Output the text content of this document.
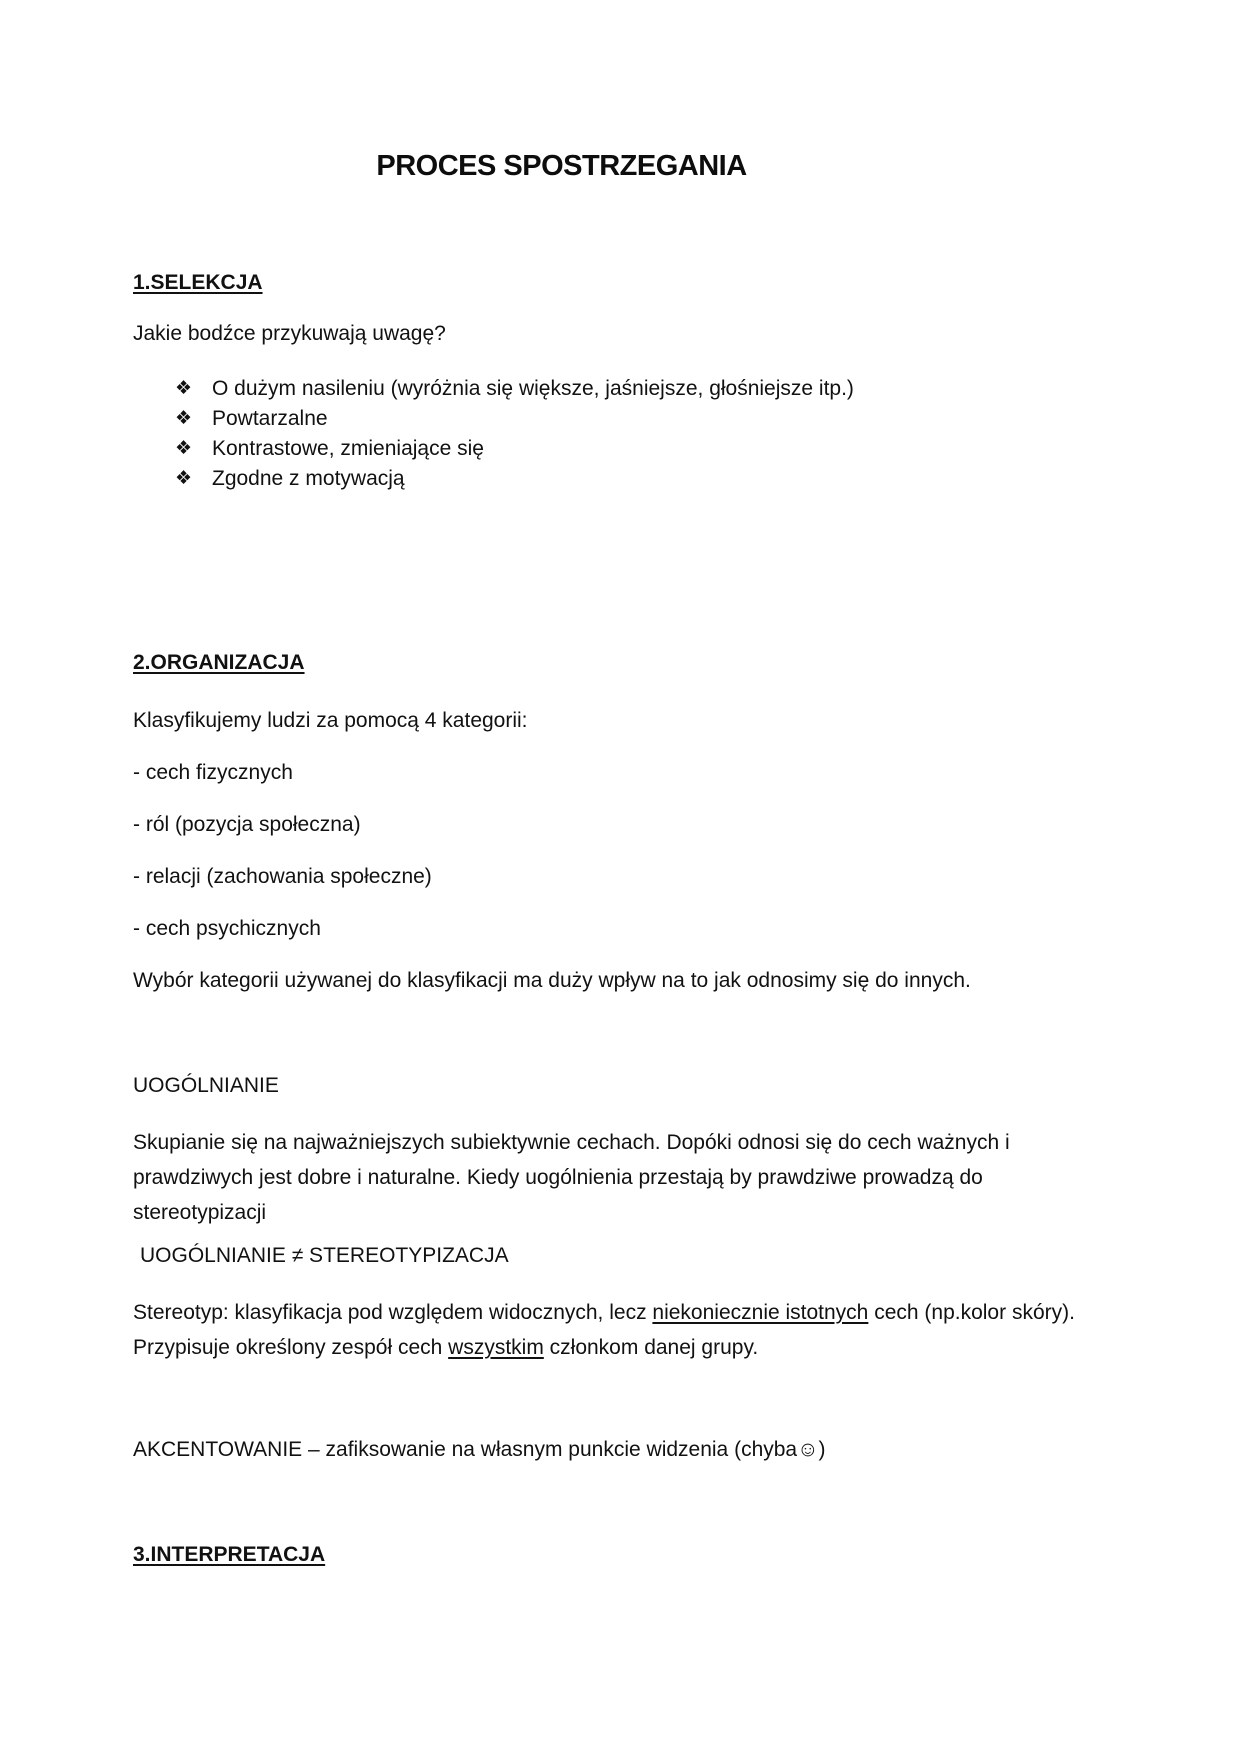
PROCES SPOSTRZEGANIA
1.SELEKCJA

Jakie bodźce przykuwają uwagę?

❖ O dużym nasileniu (wyróżnia się większe, jaśniejsze, głośniejsze itp.)
❖ Powtarzalne
❖ Kontrastowe, zmieniające się
❖ Zgodne z motywacją
2.ORGANIZACJA

Klasyfikujemy ludzi za pomocą 4 kategorii:

- cech fizycznych

- ról (pozycja społeczna)

- relacji (zachowania społeczne)

- cech psychicznych

Wybór kategorii używanej do klasyfikacji ma duży wpływ na to jak odnosimy się do innych.

UOGÓLNIANIE

Skupianie się na najważniejszych subiektywnie cechach. Dopóki odnosi się do cech ważnych i prawdziwych jest dobre i naturalne. Kiedy uogólnienia przestają by prawdziwe prowadzą do stereotypizacji

UOGÓLNIANIE ≠ STEREOTYPIZACJA

Stereotyp: klasyfikacja pod względem widocznych, lecz niekoniecznie istotnych cech (np.kolor skóry). Przypisuje określony zespół cech wszystkim członkom danej grupy.

AKCENTOWANIE – zafiksowanie na własnym punkcie widzenia (chyba☺)

3.INTERPRETACJA
